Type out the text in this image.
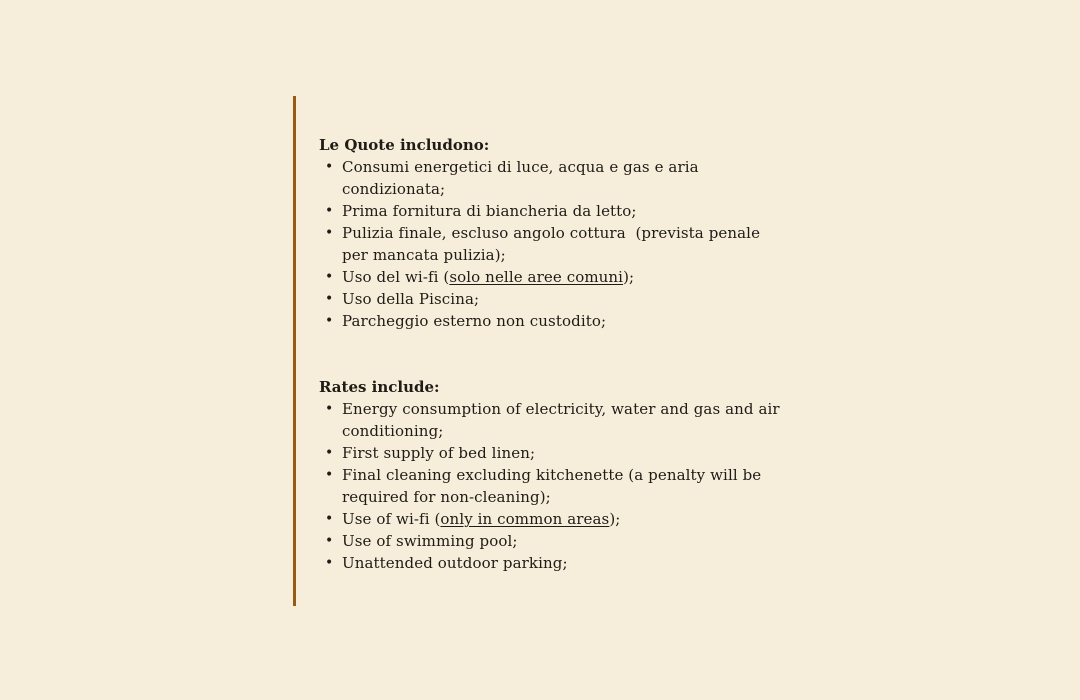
Le Quote includono:
• Consumi energetici di luce, acqua e gas e aria
condizionata;
• Prima fornitura di biancheria da letto;
• Pulizia finale, escluso angolo cottura  (prevista penale
per mancata pulizia);
• Uso del wi-fi (solo nelle aree comuni);
• Uso della Piscina;
• Parcheggio esterno non custodito;
Rates include:
• Energy consumption of electricity, water and gas and air
conditioning;
• First supply of bed linen;
• Final cleaning excluding kitchenette (a penalty will be
required for non-cleaning);
• Use of wi-fi (only in common areas);
• Use of swimming pool;
• Unattended outdoor parking;
